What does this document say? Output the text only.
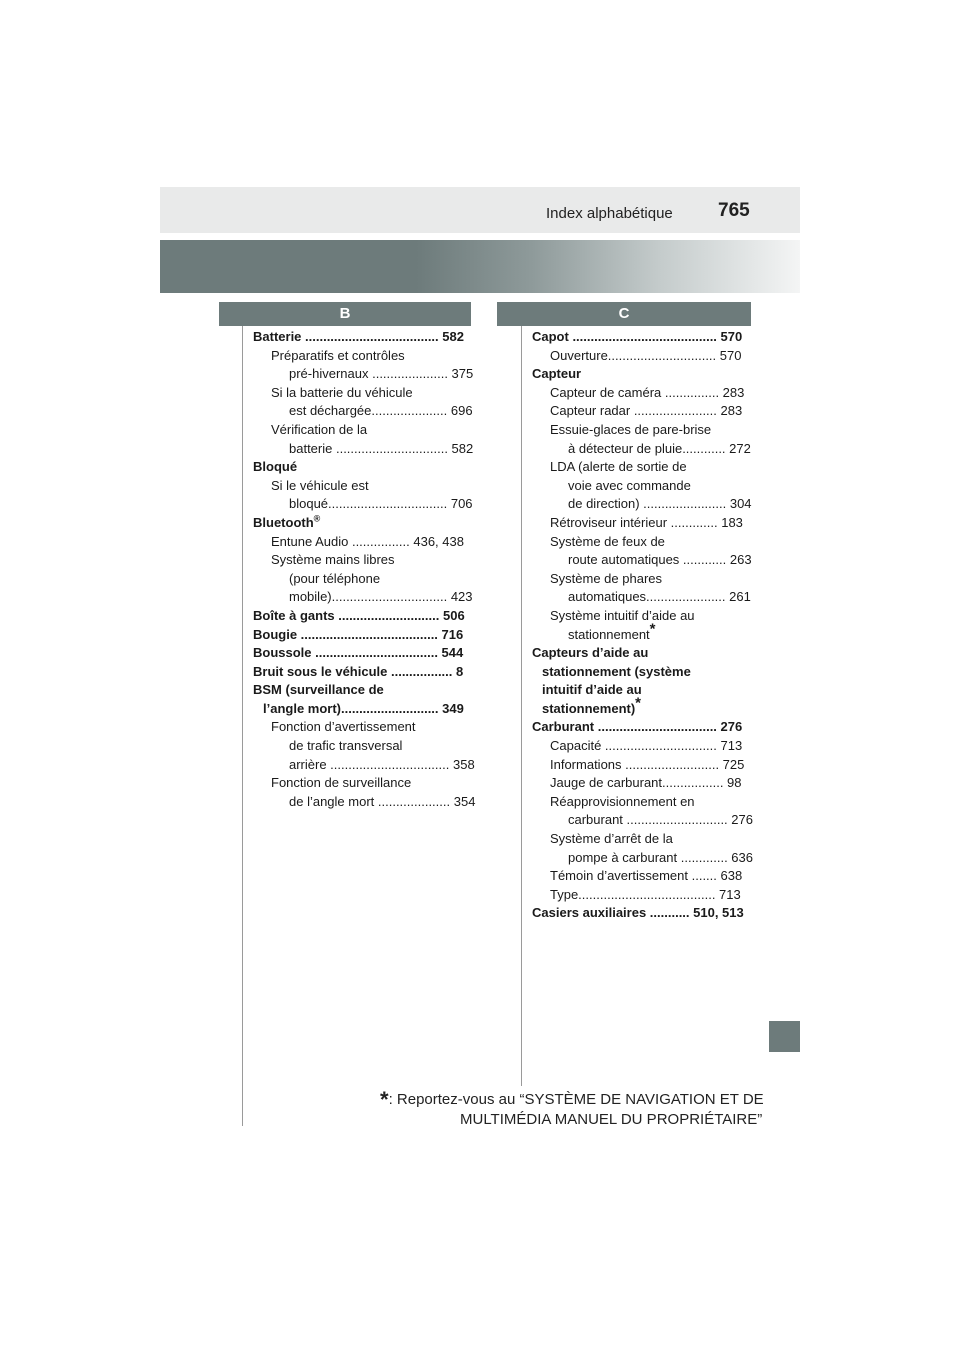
Index alphabétique 765
B	C
Batterie ..................................... 582
Préparatifs et contrôles
pré-hivernaux ..................... 375
Si la batterie du véhicule
est déchargée..................... 696
Vérification de la
batterie ............................... 582
Bloqué
Si le véhicule est
bloqué................................. 706
Bluetooth®
Entune Audio ................ 436, 438
Système mains libres
(pour téléphone
mobile)................................ 423
Boîte à gants ............................ 506
Bougie ...................................... 716
Boussole .................................. 544
Bruit sous le véhicule ................. 8
BSM (surveillance de
l’angle mort)........................... 349
Fonction d’avertissement
de trafic transversal
arrière ................................. 358
Fonction de surveillance
de l’angle mort .................... 354
Capot ........................................ 570
Ouverture.............................. 570
Capteur
Capteur de caméra ............... 283
Capteur radar ....................... 283
Essuie-glaces de pare-brise
à détecteur de pluie............ 272
LDA (alerte de sortie de
voie avec commande
de direction) ....................... 304
Rétroviseur intérieur ............. 183
Système de feux de
route automatiques ............ 263
Système de phares
automatiques...................... 261
Système intuitif d’aide au
stationnement*
Capteurs d’aide au
stationnement (système
intuitif d’aide au
stationnement)*
Carburant ................................. 276
Capacité ............................... 713
Informations .......................... 725
Jauge de carburant................. 98
Réapprovisionnement en
carburant ............................ 276
Système d’arrêt de la
pompe à carburant ............. 636
Témoin d’avertissement ....... 638
Type...................................... 713
Casiers auxiliaires ........... 510, 513
*: Reportez-vous au “SYSTÈME DE NAVIGATION ET DE
MULTIMÉDIA MANUEL DU PROPRIÉTAIRE”
